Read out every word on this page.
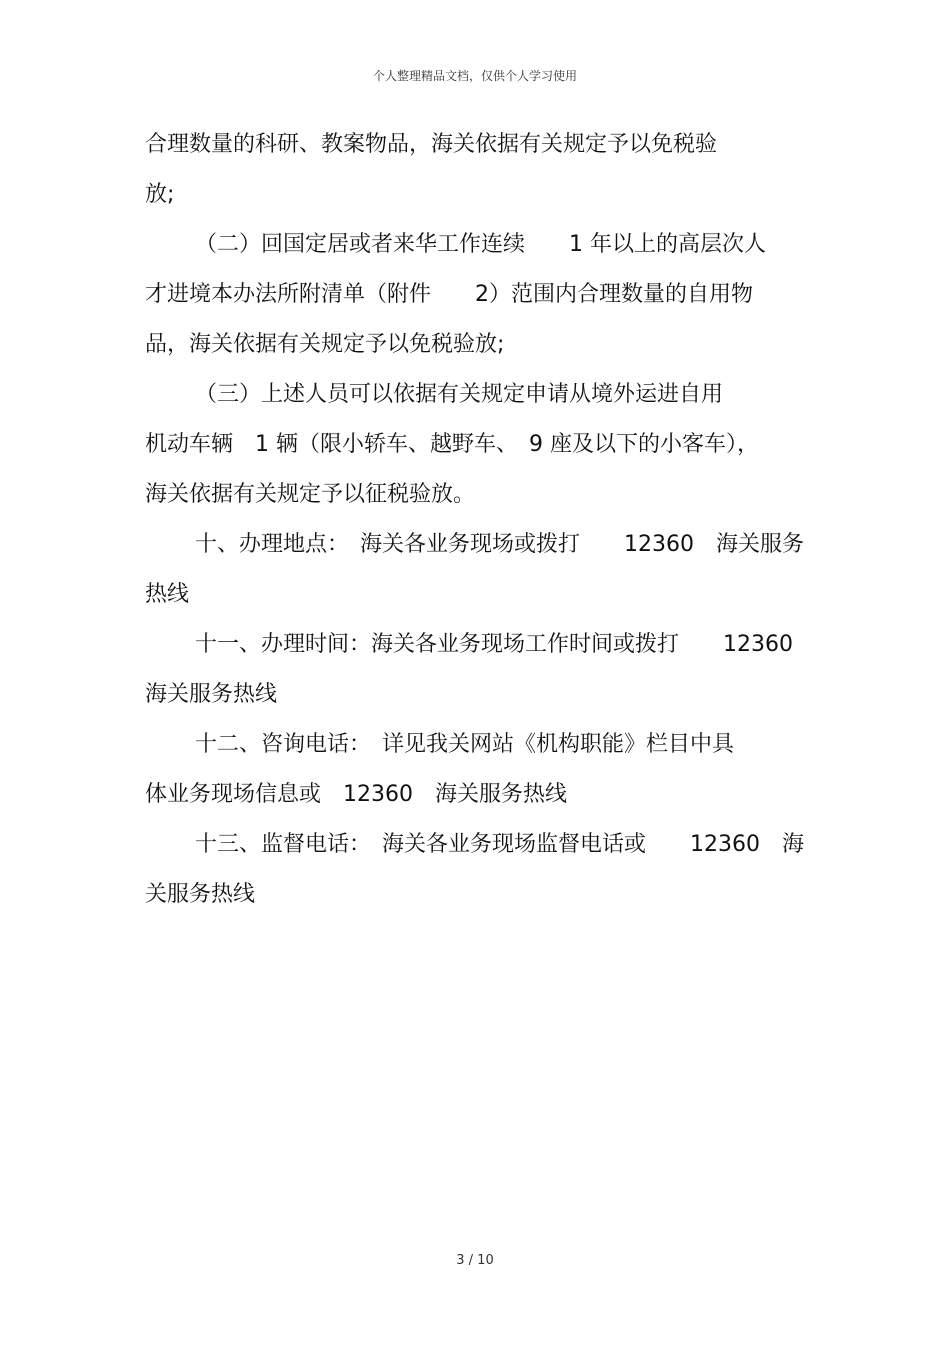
个人整理精品文档，仅供个人学习使用
合理数量的科研、教案物品，海关依据有关规定予以免税验
放;
（二）回国定居或者来华工作连续　　1 年以上的高层次人
才进境本办法所附清单（附件　　2）范围内合理数量的自用物
品，海关依据有关规定予以免税验放;
（三）上述人员可以依据有关规定申请从境外运进自用
机动车辆　1 辆（限小轿车、越野车、　9 座及以下的小客车），
海关依据有关规定予以征税验放。
十、办理地点：　海关各业务现场或拨打　　12360　海关服务
热线
十一、办理时间：海关各业务现场工作时间或拨打　　12360
海关服务热线
十二、咨询电话：　详见我关网站《机构职能》栏目中具
体业务现场信息或　12360　海关服务热线
十三、监督电话：　海关各业务现场监督电话或　　12360　海
关服务热线
3 / 10
